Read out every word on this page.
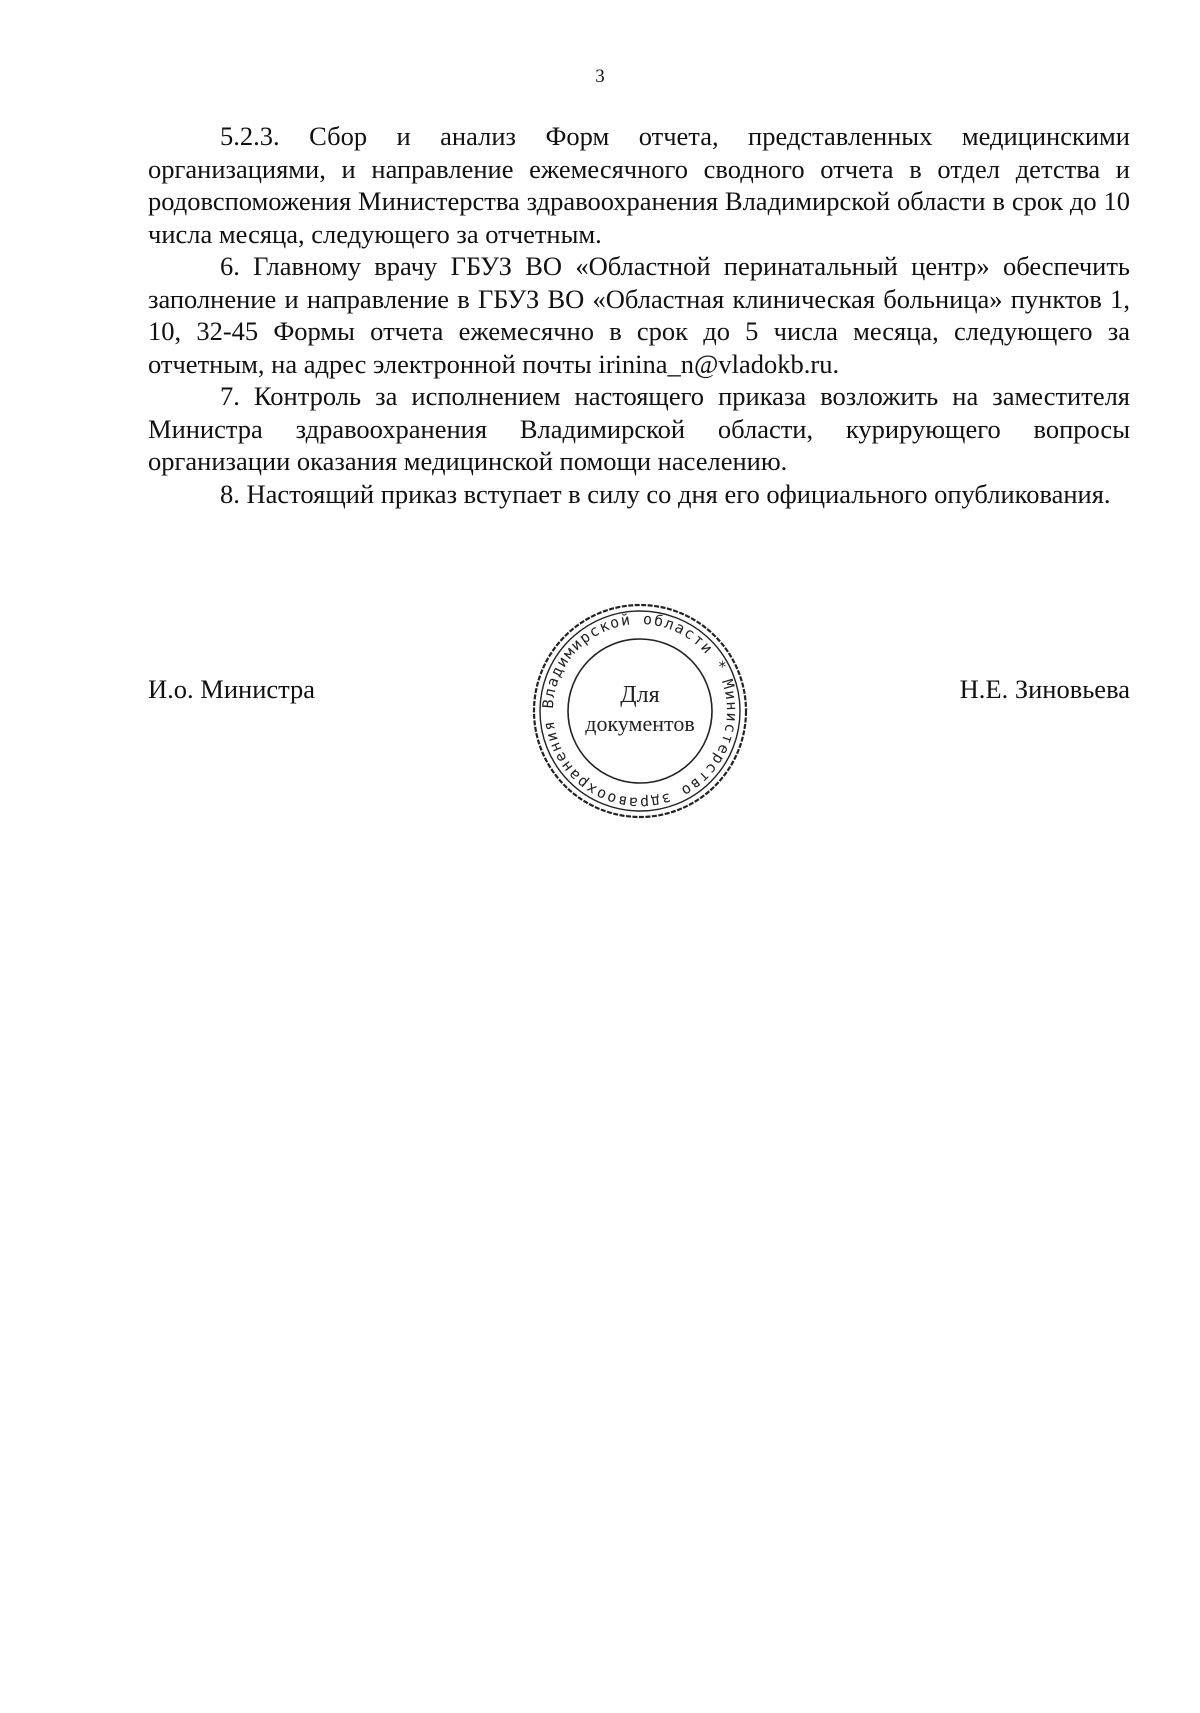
3

5.2.3. Сбор и анализ Форм отчета, представленных медицинскими организациями, и направление ежемесячного сводного отчета в отдел детства и родовспоможения Министерства здравоохранения Владимирской области в срок до 10 числа месяца, следующего за отчетным.

6. Главному врачу ГБУЗ ВО «Областной перинатальный центр» обеспечить заполнение и направление в ГБУЗ ВО «Областная клиническая больница» пунктов 1, 10, 32-45 Формы отчета ежемесячно в срок до 5 числа месяца, следующего за отчетным, на адрес электронной почты irinina_n@vladokb.ru.

7. Контроль за исполнением настоящего приказа возложить на заместителя Министра здравоохранения Владимирской области, курирующего вопросы организации оказания медицинской помощи населению.

8. Настоящий приказ вступает в силу со дня его официального опубликования.

И.о. Министра	Н.Е. Зиновьева
Министерство здравоохранения Владимирской области *
Для
документов
